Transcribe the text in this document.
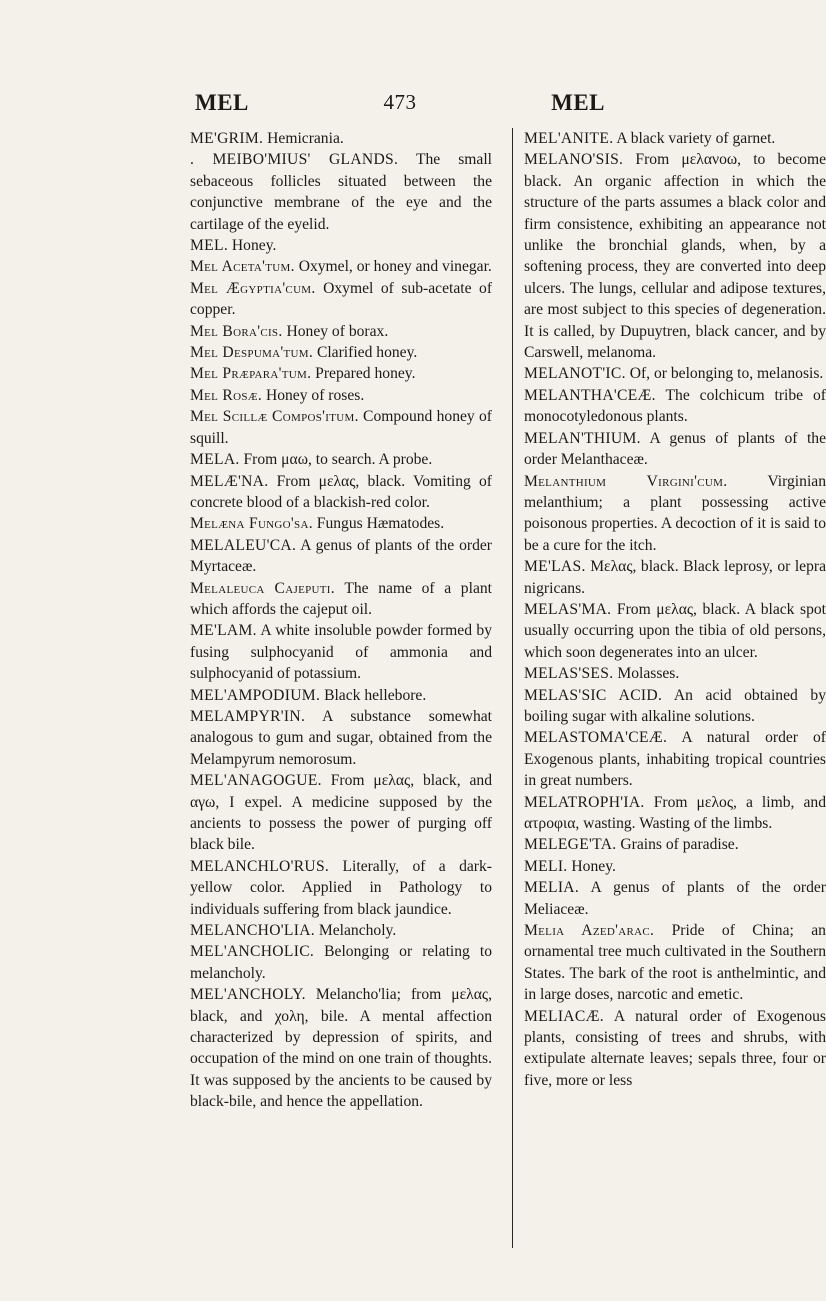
MEL	473	MEL

ME'GRIM. Hemicrania.

. MEIBO'MIUS' GLANDS. The small sebaceous follicles situated between the conjunctive membrane of the eye and the cartilage of the eyelid.

MEL. Honey.

Mel Aceta'tum. Oxymel, or honey and vinegar.

Mel Ægyptia'cum. Oxymel of sub-acetate of copper.

Mel Bora'cis. Honey of borax.

Mel Despuma'tum. Clarified honey.

Mel Præpara'tum. Prepared honey.

Mel Rosæ. Honey of roses.

Mel Scillæ Compos'itum. Compound honey of squill.

MELA. From μαω, to search. A probe.

MELÆ'NA. From μελας, black. Vomiting of concrete blood of a blackish-red color.

Melæna Fungo'sa. Fungus Hæmatodes.

MELALEU'CA. A genus of plants of the order Myrtaceæ.

Melaleuca Cajeputi. The name of a plant which affords the cajeput oil.

ME'LAM. A white insoluble powder formed by fusing sulphocyanid of ammonia and sulphocyanid of potassium.

MEL'AMPODIUM. Black hellebore.

MELAMPYR'IN. A substance somewhat analogous to gum and sugar, obtained from the Melampyrum nemorosum.

MEL'ANAGOGUE. From μελας, black, and αγω, I expel. A medicine supposed by the ancients to possess the power of purging off black bile.

MELANCHLO'RUS. Literally, of a dark-yellow color. Applied in Pathology to individuals suffering from black jaundice.

MELANCHO'LIA. Melancholy.

MEL'ANCHOLIC. Belonging or relating to melancholy.

MEL'ANCHOLY. Melancho'lia; from μελας, black, and χολη, bile. A mental affection characterized by depression of spirits, and occupation of the mind on one train of thoughts. It was supposed by the ancients to be caused by black-bile, and hence the appellation.

MEL'ANITE. A black variety of garnet.

MELANO'SIS. From μελανοω, to become black. An organic affection in which the structure of the parts assumes a black color and firm consistence, exhibiting an appearance not unlike the bronchial glands, when, by a softening process, they are converted into deep ulcers. The lungs, cellular and adipose textures, are most subject to this species of degeneration. It is called, by Dupuytren, black cancer, and by Carswell, melanoma.

MELANOT'IC. Of, or belonging to, melanosis.

MELANTHA'CEÆ. The colchicum tribe of monocotyledonous plants.

MELAN'THIUM. A genus of plants of the order Melanthaceæ.

Melanthium Virgini'cum. Virginian melanthium; a plant possessing active poisonous properties. A decoction of it is said to be a cure for the itch.

ME'LAS. Μελας, black. Black leprosy, or lepra nigricans.

MELAS'MA. From μελας, black. A black spot usually occurring upon the tibia of old persons, which soon degenerates into an ulcer.

MELAS'SES. Molasses.

MELAS'SIC ACID. An acid obtained by boiling sugar with alkaline solutions.

MELASTOMA'CEÆ. A natural order of Exogenous plants, inhabiting tropical countries in great numbers.

MELATROPH'IA. From μελος, a limb, and ατροφια, wasting. Wasting of the limbs.

MELEGE'TA. Grains of paradise.

MELI. Honey.

MELIA. A genus of plants of the order Meliaceæ.

Melia Azed'arac. Pride of China; an ornamental tree much cultivated in the Southern States. The bark of the root is anthelmintic, and in large doses, narcotic and emetic.

MELIACÆ. A natural order of Exogenous plants, consisting of trees and shrubs, with extipulate alternate leaves; sepals three, four or five, more or less
